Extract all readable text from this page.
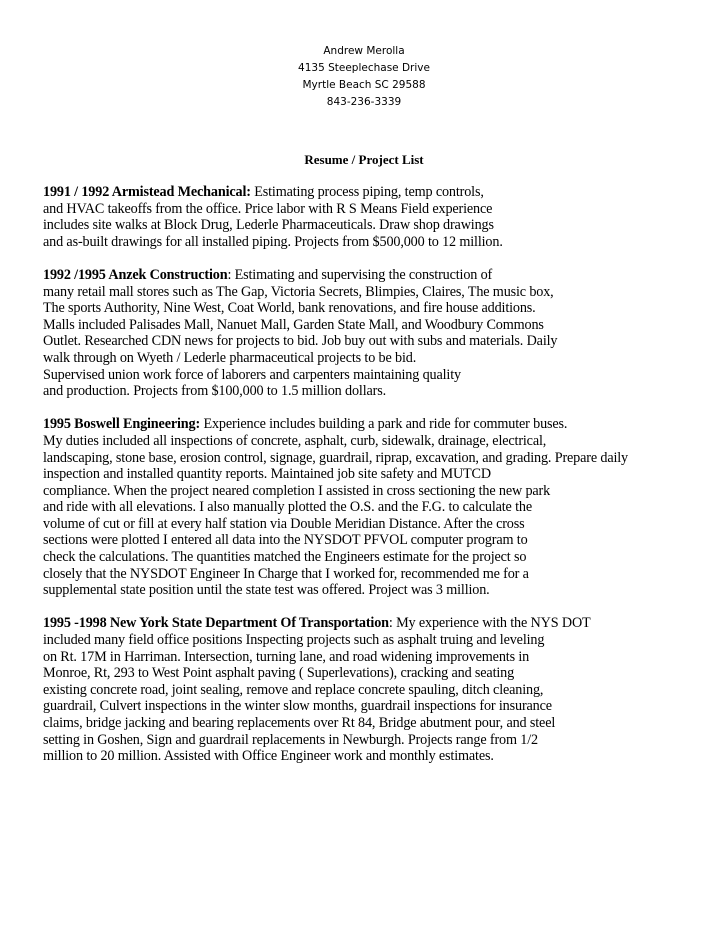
Andrew Merolla
4135 Steeplechase Drive
Myrtle Beach SC 29588
843-236-3339
Resume / Project List
1991 / 1992 Armistead Mechanical: Estimating process piping, temp controls,
and HVAC takeoffs from the office. Price labor with R S Means Field experience
includes site walks at Block Drug, Lederle Pharmaceuticals. Draw shop drawings
and as-built drawings for all installed piping. Projects from $500,000 to 12 million.
1992 /1995 Anzek Construction: Estimating and supervising the construction of
many retail mall stores such as The Gap, Victoria Secrets, Blimpies, Claires, The music box,
The sports Authority, Nine West, Coat World, bank renovations, and fire house additions.
Malls included Palisades Mall, Nanuet Mall, Garden State Mall, and Woodbury Commons
Outlet. Researched CDN news for projects to bid. Job buy out with subs and materials. Daily
walk through on Wyeth / Lederle pharmaceutical projects to be bid.
Supervised union work force of laborers and carpenters maintaining quality
and production. Projects from $100,000 to 1.5 million dollars.
1995 Boswell Engineering: Experience includes building a park and ride for commuter buses.
My duties included all inspections of concrete, asphalt, curb, sidewalk, drainage, electrical,
landscaping, stone base, erosion control, signage, guardrail, riprap, excavation, and grading. Prepare daily
inspection and installed quantity reports. Maintained job site safety and MUTCD
compliance. When the project neared completion I assisted in cross sectioning the new park
and ride with all elevations. I also manually plotted the O.S. and the F.G. to calculate the
volume of cut or fill at every half station via Double Meridian Distance. After the cross
sections were plotted I entered all data into the NYSDOT PFVOL computer program to
check the calculations. The quantities matched the Engineers estimate for the project so
closely that the NYSDOT Engineer In Charge that I worked for, recommended me for a
supplemental state position until the state test was offered. Project was 3 million.
1995 -1998 New York State Department Of Transportation: My experience with the NYS DOT
included many field office positions Inspecting projects such as asphalt truing and leveling
on Rt. 17M in Harriman. Intersection, turning lane, and road widening improvements in
Monroe, Rt, 293 to West Point asphalt paving ( Superlevations), cracking and seating
existing concrete road, joint sealing, remove and replace concrete spauling, ditch cleaning,
guardrail, Culvert inspections in the winter slow months, guardrail inspections for insurance
claims, bridge jacking and bearing replacements over Rt 84, Bridge abutment pour, and steel
setting in Goshen, Sign and guardrail replacements in Newburgh. Projects range from 1/2
million to 20 million. Assisted with Office Engineer work and monthly estimates.
